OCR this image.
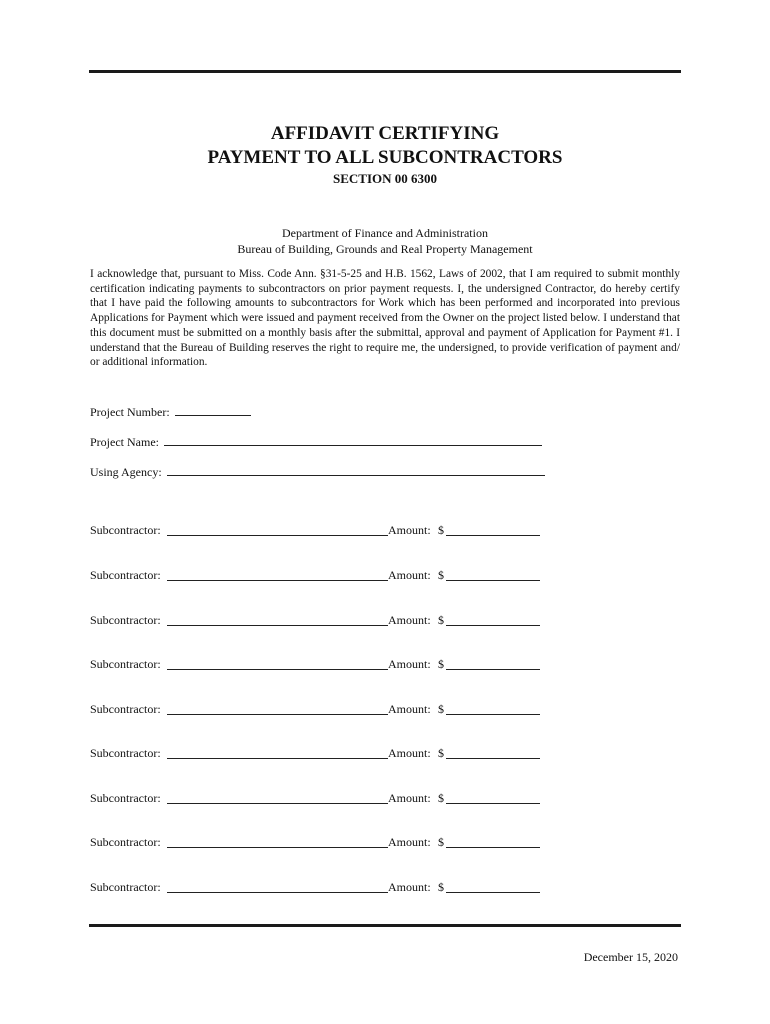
AFFIDAVIT CERTIFYING
PAYMENT TO ALL SUBCONTRACTORS
SECTION 00 6300
Department of Finance and Administration
Bureau of Building, Grounds and Real Property Management

I acknowledge that, pursuant to Miss. Code Ann. §31-5-25 and H.B. 1562, Laws of 2002, that I am required to submit monthly certification indicating payments to subcontractors on prior payment requests. I, the undersigned Contractor, do hereby certify that I have paid the following amounts to subcontractors for Work which has been performed and incorporated into previous Applications for Payment which were issued and payment received from the Owner on the project listed below. I understand that this document must be submitted on a monthly basis after the submittal, approval and payment of Application for Payment #1. I understand that the Bureau of Building reserves the right to require me, the undersigned, to provide verification of payment and/ or additional information.

Project Number:
Project Name:
Using Agency:
Subcontractor:	Amount: $
Subcontractor:	Amount: $
Subcontractor:	Amount: $
Subcontractor:	Amount: $
Subcontractor:	Amount: $
Subcontractor:	Amount: $
Subcontractor:	Amount: $
Subcontractor:	Amount: $
Subcontractor:	Amount: $
December 15, 2020
